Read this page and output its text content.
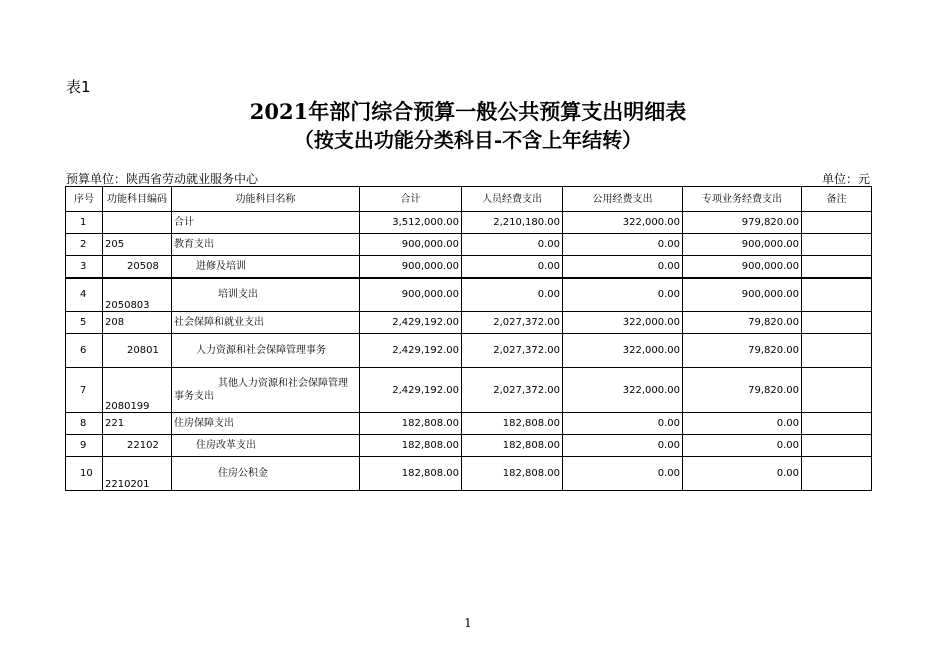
表1
2021年部门综合预算一般公共预算支出明细表
（按支出功能分类科目-不含上年结转）
预算单位：陕西省劳动就业服务中心	单位：元
序号	功能科目编码	功能科目名称	合计	人员经费支出	公用经费支出	专项业务经费支出	备注
1		合计	3,512,000.00	2,210,180.00	322,000.00	979,820.00	
2	205	教育支出	900,000.00	0.00	0.00	900,000.00	
3	20508	进修及培训	900,000.00	0.00	0.00	900,000.00	
4	2050803	培训支出	900,000.00	0.00	0.00	900,000.00	
5	208	社会保障和就业支出	2,429,192.00	2,027,372.00	322,000.00	79,820.00	
6	20801	人力资源和社会保障管理事务	2,429,192.00	2,027,372.00	322,000.00	79,820.00	
7	2080199	其他人力资源和社会保障管理事务支出	2,429,192.00	2,027,372.00	322,000.00	79,820.00	
8	221	住房保障支出	182,808.00	182,808.00	0.00	0.00	
9	22102	住房改革支出	182,808.00	182,808.00	0.00	0.00	
10	2210201	住房公积金	182,808.00	182,808.00	0.00	0.00	
1
